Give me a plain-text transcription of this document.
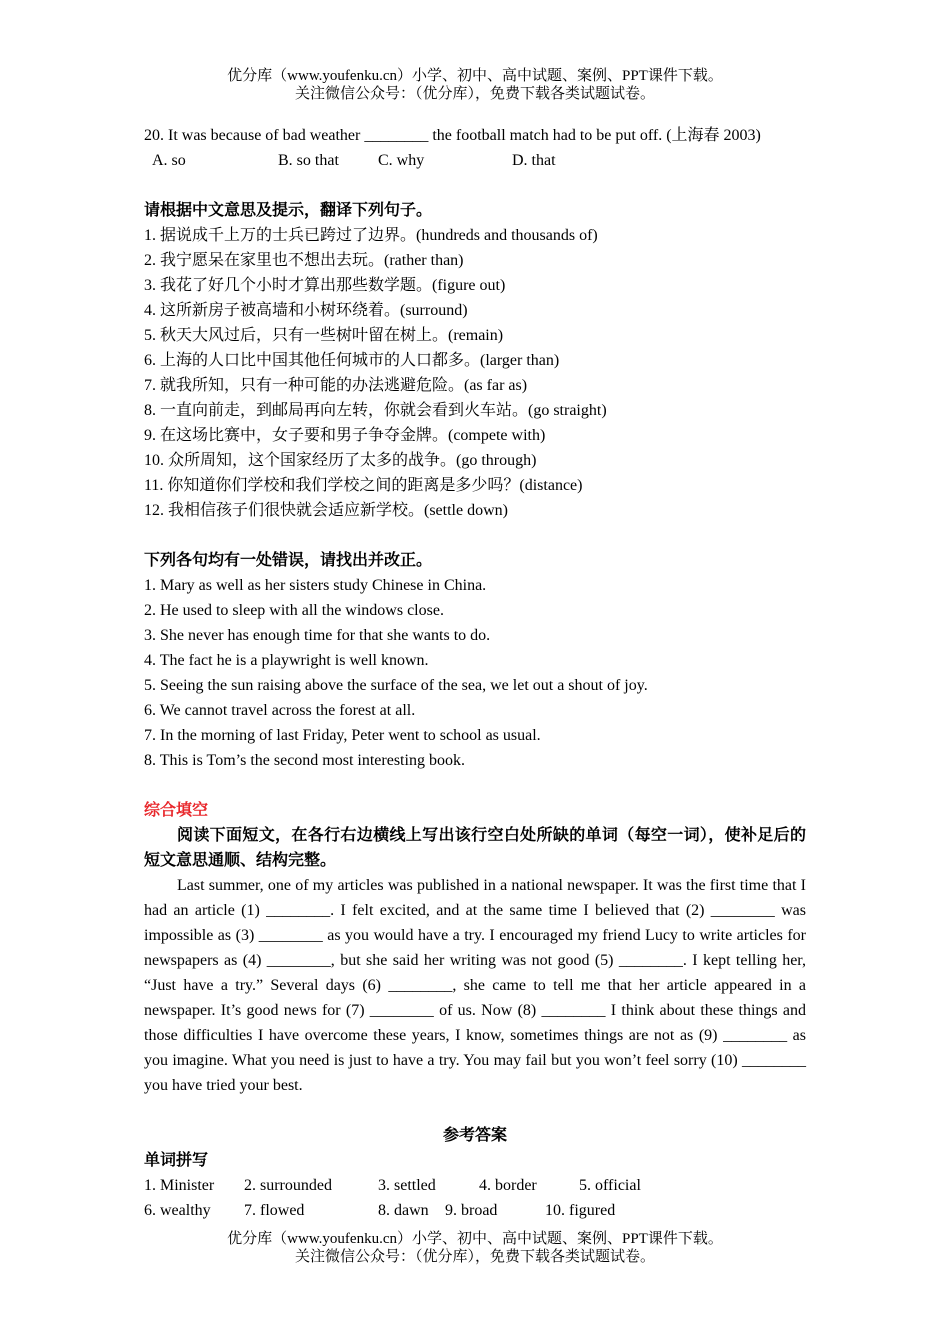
优分库（www.youfenku.cn）小学、初中、高中试题、案例、PPT课件下载。
关注微信公众号：（优分库），免费下载各类试题试卷。
20. It was because of bad weather ________ the football match had to be put off. (上海春 2003)
A. so	B. so that C. why	D. that
请根据中文意思及提示，翻译下列句子。
1. 据说成千上万的士兵已跨过了边界。(hundreds and thousands of)
2. 我宁愿呆在家里也不想出去玩。(rather than)
3. 我花了好几个小时才算出那些数学题。(figure out)
4. 这所新房子被高墙和小树环绕着。(surround)
5. 秋天大风过后，只有一些树叶留在树上。(remain)
6. 上海的人口比中国其他任何城市的人口都多。(larger than)
7. 就我所知，只有一种可能的办法逃避危险。(as far as)
8. 一直向前走，到邮局再向左转，你就会看到火车站。(go straight)
9. 在这场比赛中，女子要和男子争夺金牌。(compete with)
10. 众所周知，这个国家经历了太多的战争。(go through)
11. 你知道你们学校和我们学校之间的距离是多少吗？(distance)
12. 我相信孩子们很快就会适应新学校。(settle down)
下列各句均有一处错误，请找出并改正。
1. Mary as well as her sisters study Chinese in China.
2. He used to sleep with all the windows close.
3. She never has enough time for that she wants to do.
4. The fact he is a playwright is well known.
5. Seeing the sun raising above the surface of the sea, we let out a shout of joy.
6. We cannot travel across the forest at all.
7. In the morning of last Friday, Peter went to school as usual.
8. This is Tom’s the second most interesting book.
综合填空
阅读下面短文，在各行右边横线上写出该行空白处所缺的单词（每空一词），使补足后的短文意思通顺、结构完整。
Last summer, one of my articles was published in a national newspaper. It was the first time that I had an article (1) ________. I felt excited, and at the same time I believed that (2) ________ was impossible as (3) ________ as you would have a try. I encouraged my friend Lucy to write articles for newspapers as (4) ________, but she said her writing was not good (5) ________. I kept telling her, “Just have a try.” Several days (6) ________, she came to tell me that her article appeared in a newspaper. It’s good news for (7) ________ of us. Now (8) ________ I think about these things and those difficulties I have overcome these years, I know, sometimes things are not as (9) ________ as you imagine. What you need is just to have a try. You may fail but you won’t feel sorry (10) ________ you have tried your best.
参考答案
单词拼写
1. Minister 2. surrounded	3. settled	4. border	5. official
6. wealthy 7. flowed	8. dawn 9. broad	10. figured
优分库（www.youfenku.cn）小学、初中、高中试题、案例、PPT课件下载。
关注微信公众号：（优分库），免费下载各类试题试卷。
